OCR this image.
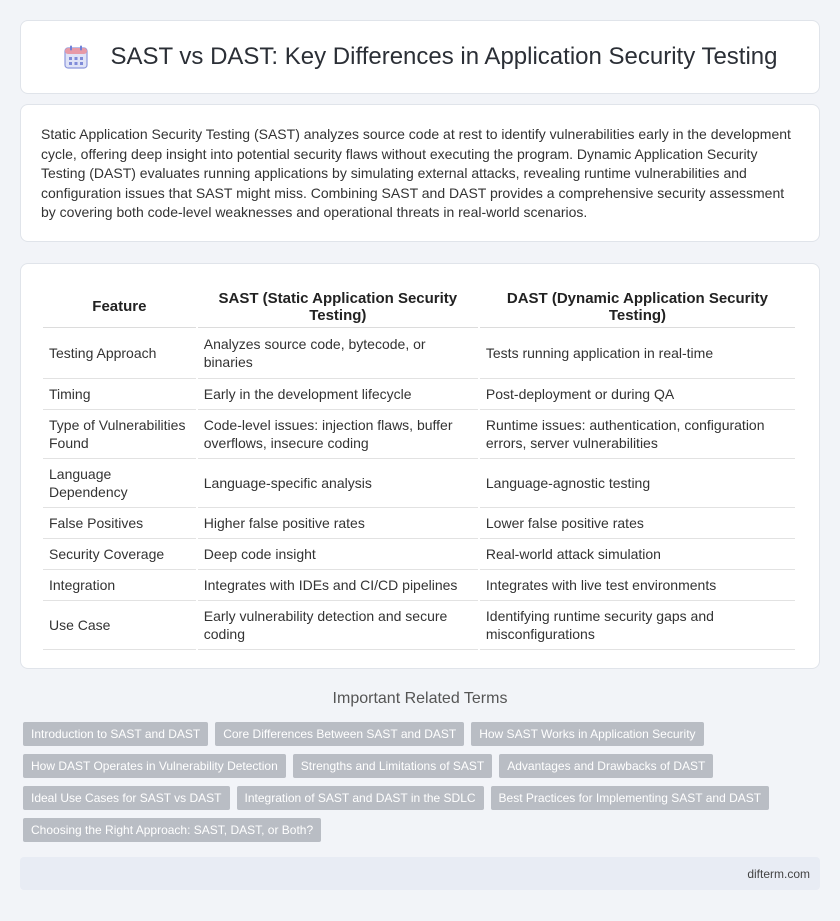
SAST vs DAST: Key Differences in Application Security Testing

Static Application Security Testing (SAST) analyzes source code at rest to identify vulnerabilities early in the development cycle, offering deep insight into potential security flaws without executing the program. Dynamic Application Security Testing (DAST) evaluates running applications by simulating external attacks, revealing runtime vulnerabilities and configuration issues that SAST might miss. Combining SAST and DAST provides a comprehensive security assessment by covering both code-level weaknesses and operational threats in real-world scenarios.

Feature	SAST (Static Application Security Testing)	DAST (Dynamic Application Security Testing)
Testing Approach	Analyzes source code, bytecode, or binaries	Tests running application in real-time
Timing	Early in the development lifecycle	Post-deployment or during QA
Type of Vulnerabilities Found	Code-level issues: injection flaws, buffer overflows, insecure coding	Runtime issues: authentication, configuration errors, server vulnerabilities
Language Dependency	Language-specific analysis	Language-agnostic testing
False Positives	Higher false positive rates	Lower false positive rates
Security Coverage	Deep code insight	Real-world attack simulation
Integration	Integrates with IDEs and CI/CD pipelines	Integrates with live test environments
Use Case	Early vulnerability detection and secure coding	Identifying runtime security gaps and misconfigurations
Important Related Terms
Introduction to SAST and DAST	Core Differences Between SAST and DAST	How SAST Works in Application Security
How DAST Operates in Vulnerability Detection	Strengths and Limitations of SAST	Advantages and Drawbacks of DAST
Ideal Use Cases for SAST vs DAST	Integration of SAST and DAST in the SDLC	Best Practices for Implementing SAST and DAST
Choosing the Right Approach: SAST, DAST, or Both?
difterm.com
